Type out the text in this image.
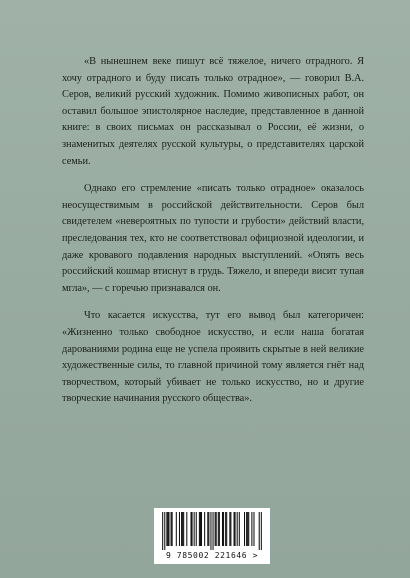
«В нынешнем веке пишут всё тяжелое, ничего отрадного. Я хочу отрадного и буду писать только отрадное», — говорил В.А. Серов, великий русский художник. Помимо живописных работ, он оставил большое эпистолярное наследие, представленное в данной книге: в своих письмах он рассказывал о России, её жизни, о знаменитых деятелях русской культуры, о представителях царской семьи.

Однако его стремление «писать только отрадное» оказалось неосуществимым в российской действительности. Серов был свидетелем «невероятных по тупости и грубости» действий власти, преследования тех, кто не соответствовал официозной идеологии, и даже кровавого подавления народных выступлений. «Опять весь российский кошмар втиснут в грудь. Тяжело, и впереди висит тупая мгла», — с горечью признавался он.

Что касается искусства, тут его вывод был категоричен: «Жизненно только свободное искусство, и если наша богатая дарованиями родина еще не успела проявить скрытые в ней великие художественные силы, то главной причиной тому является гнёт над творчеством, который убивает не только искусство, но и другие творческие начинания русского общества».

9 785002 221646 >
